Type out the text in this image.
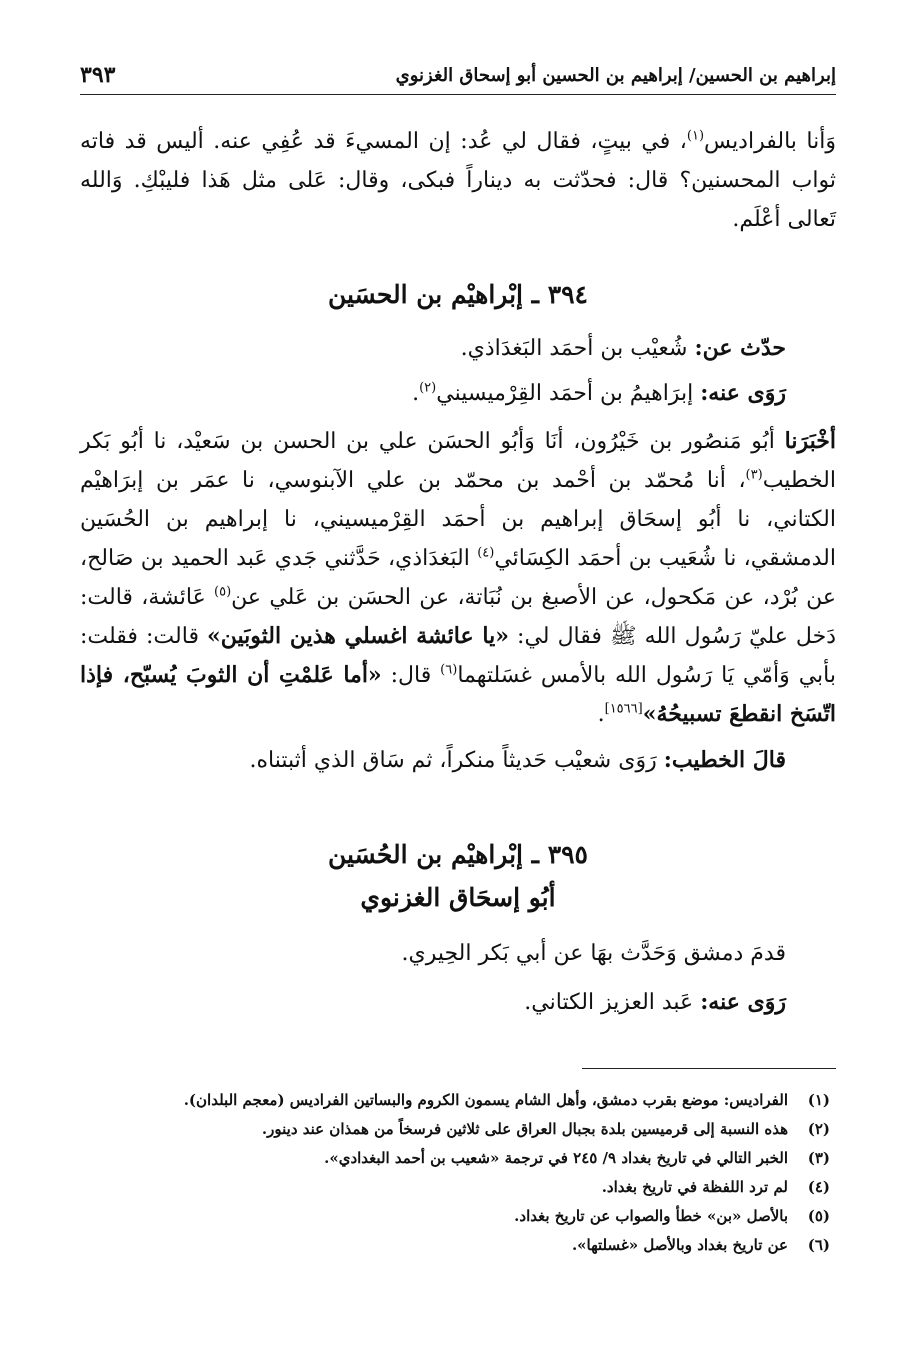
إبراهيم بن الحسين/ إبراهيم بن الحسين أبو إسحاق الغزنوي
٣٩٣

وَأنا بالفراديس$^{(١)}$، في بيتٍ، فقال لي عُد: إن المسيءَ قد عُفِي عنه. أليس قد فاته ثواب المحسنين؟ قال: فحدّثت به ديناراً فبكى، وقال: عَلى مثل هَذا فليبْكِ. وَالله تَعالى أعْلَم.

٣٩٤ ـ إبْراهيْم بن الحسَين
حدّث عن: شُعيْب بن أحمَد البَغدَاذي.
رَوَى عنه: إبرَاهيمُ بن أحمَد القِرْميسيني$^{(٢)}$.

أخْبَرَنا أبُو مَنصُور بن خَيْرُون، أنَا وَأبُو الحسَن علي بن الحسن بن سَعيْد، نا أبُو بَكر الخطيب$^{(٣)}$، أنا مُحمّد بن أحْمد بن محمّد بن علي الآبنوسي، نا عمَر بن إبرَاهيْم الكتاني، نا أبُو إسحَاق إبراهيم بن أحمَد القِرْميسيني، نا إبراهيم بن الحُسَين الدمشقي، نا شُعَيب بن أحمَد الكِسَائي$^{(٤)}$ البَغدَاذي، حَدَّثني جَدي عَبد الحميد بن صَالح، عن بُرْد، عن مَكحول، عن الأصبغ بن نُبَاتة، عن الحسَن بن عَلي عن$^{(٥)}$ عَائشة، قالت: دَخل عليّ رَسُول الله ﷺ فقال لي: «يا عائشة اغسلي هذين الثوبَين» قالت: فقلت: بأبي وَأمّي يَا رَسُول الله بالأمس غسَلتهما$^{(٦)}$ قال: «أما عَلمْتِ أن الثوبَ يُسبّح، فإذا اتّسَخ انقطعَ تسبيحُهُ»[١٥٦٦].

قالَ الخطيب: رَوَى شعيْب حَديثاً منكراً، ثم سَاق الذي أثبتناه.
٣٩٥ ـ إبْراهيْم بن الحُسَين
أبُو إسحَاق الغزنوي
قدمَ دمشق وَحَدَّث بهَا عن أبي بَكر الحِيري.
رَوَى عنه: عَبد العزيز الكتاني.
(١)
الفراديس: موضع بقرب دمشق، وأهل الشام يسمون الكروم والبساتين الفراديس (معجم البلدان).
(٢)
هذه النسبة إلى قرميسين بلدة بجبال العراق على ثلاثين فرسخاً من همذان عند دينور.
(٣)
الخبر التالي في تاريخ بغداد ٩/ ٢٤٥ في ترجمة «شعيب بن أحمد البغدادي».
(٤)
لم ترد اللفظة في تاريخ بغداد.
(٥)
بالأصل «بن» خطأ والصواب عن تاريخ بغداد.
(٦)
عن تاريخ بغداد وبالأصل «غسلتها».
